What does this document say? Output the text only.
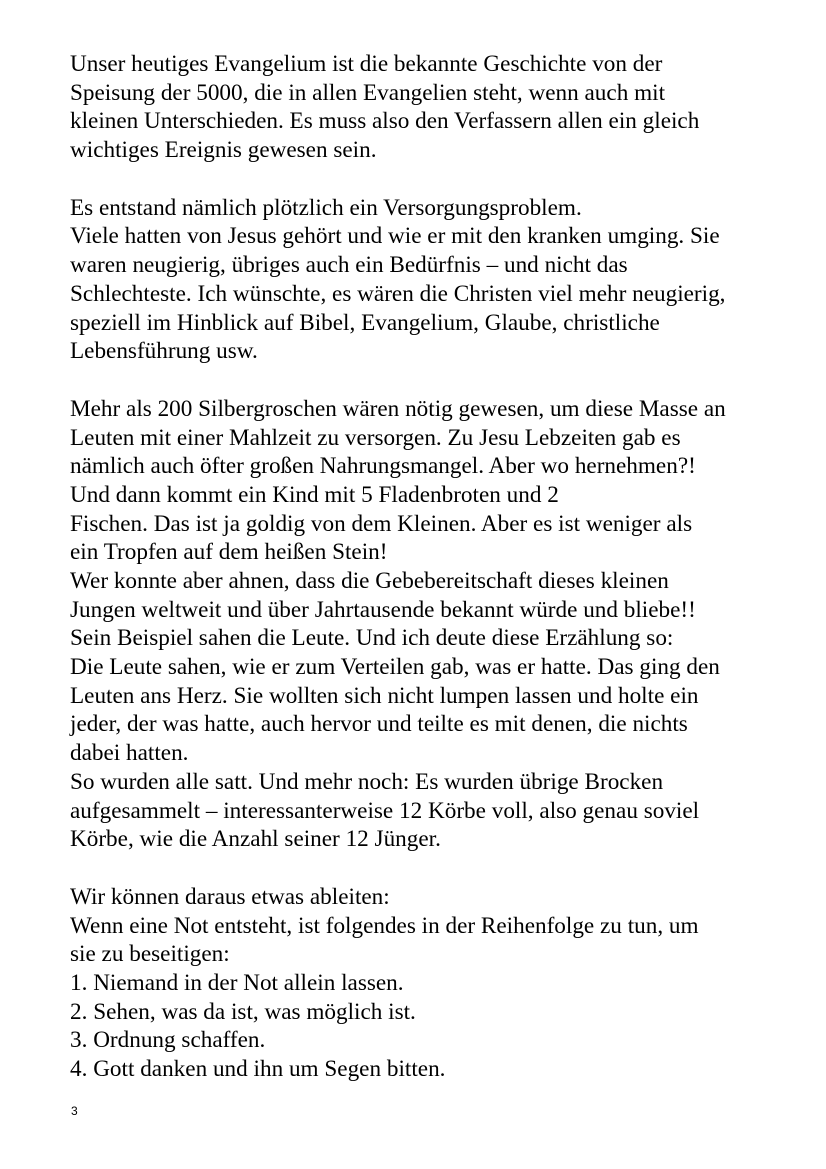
Unser heutiges Evangelium ist die bekannte Geschichte von der
Speisung der 5000, die in allen Evangelien steht, wenn auch mit
kleinen Unterschieden. Es muss also den Verfassern allen ein gleich
wichtiges Ereignis gewesen sein.
Es entstand nämlich plötzlich ein Versorgungsproblem.
Viele hatten von Jesus gehört und wie er mit den kranken umging. Sie
waren neugierig, übriges auch ein Bedürfnis – und nicht das
Schlechteste. Ich wünschte, es wären die Christen viel mehr neugierig,
speziell im Hinblick auf Bibel, Evangelium, Glaube, christliche
Lebensführung usw.
Mehr als 200 Silbergroschen wären nötig gewesen, um diese Masse an
Leuten mit einer Mahlzeit zu versorgen. Zu Jesu Lebzeiten gab es
nämlich auch öfter großen Nahrungsmangel. Aber wo hernehmen?!
Und dann kommt ein Kind mit 5 Fladenbroten und 2
Fischen. Das ist ja goldig von dem Kleinen. Aber es ist weniger als
ein Tropfen auf dem heißen Stein!
Wer konnte aber ahnen, dass die Gebebereitschaft dieses kleinen
Jungen weltweit und über Jahrtausende bekannt würde und bliebe!!
Sein Beispiel sahen die Leute. Und ich deute diese Erzählung so:
Die Leute sahen, wie er zum Verteilen gab, was er hatte. Das ging den
Leuten ans Herz. Sie wollten sich nicht lumpen lassen und holte ein
jeder, der was hatte, auch hervor und teilte es mit denen, die nichts
dabei hatten.
So wurden alle satt. Und mehr noch: Es wurden übrige Brocken
aufgesammelt – interessanterweise 12 Körbe voll, also genau soviel
Körbe, wie die Anzahl seiner 12 Jünger.
Wir können daraus etwas ableiten:
Wenn eine Not entsteht, ist folgendes in der Reihenfolge zu tun, um
sie zu beseitigen:
1. Niemand in der Not allein lassen.
2. Sehen, was da ist, was möglich ist.
3. Ordnung schaffen.
4. Gott danken und ihn um Segen bitten.
3
